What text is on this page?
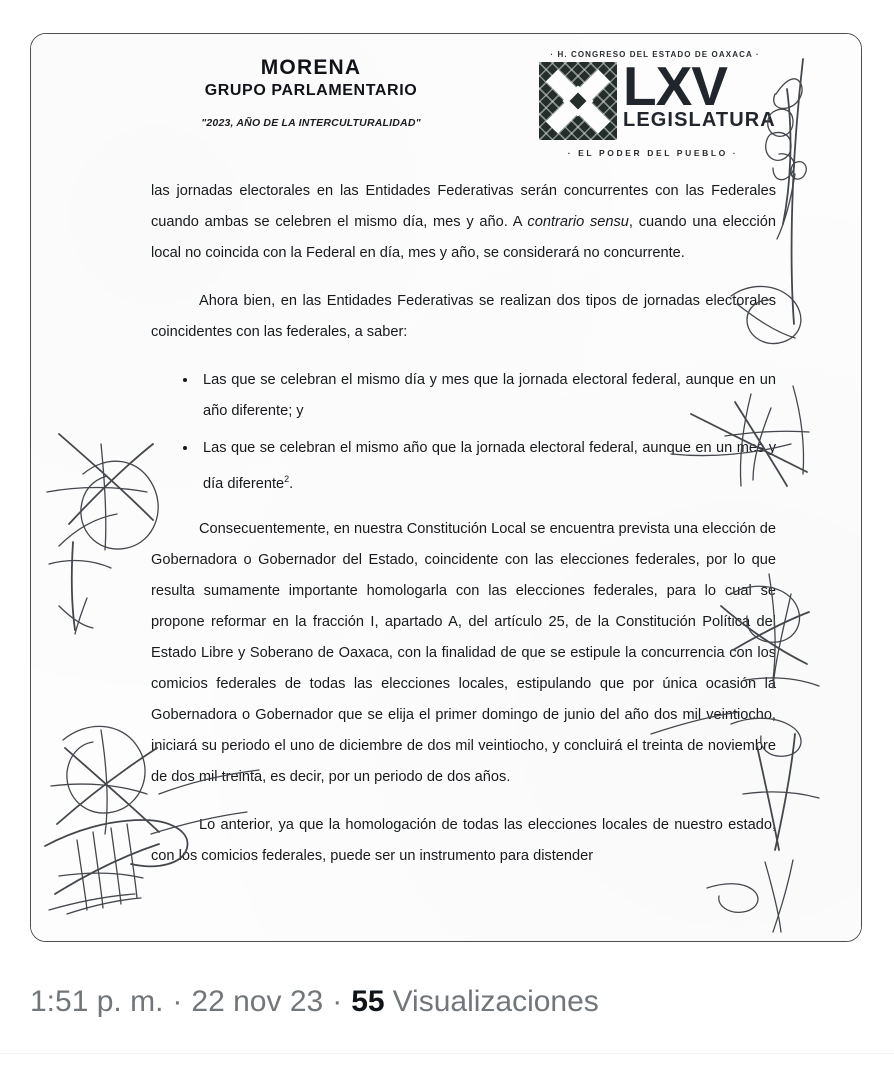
MORENA
GRUPO PARLAMENTARIO
"2023, AÑO DE LA INTERCULTURALIDAD"
· H. CONGRESO DEL ESTADO DE OAXACA ·
LXV
LEGISLATURA
· EL PODER DEL PUEBLO ·

las jornadas electorales en las Entidades Federativas serán concurrentes con las Federales cuando ambas se celebren el mismo día, mes y año. A contrario sensu, cuando una elección local no coincida con la Federal en día, mes y año, se considerará no concurrente.

Ahora bien, en las Entidades Federativas se realizan dos tipos de jornadas electorales coincidentes con las federales, a saber:

Las que se celebran el mismo día y mes que la jornada electoral federal, aunque en un año diferente; y
Las que se celebran el mismo año que la jornada electoral federal, aunque en un mes y día diferente$^2$.

Consecuentemente, en nuestra Constitución Local se encuentra prevista una elección de Gobernadora o Gobernador del Estado, coincidente con las elecciones federales, por lo que resulta sumamente importante homologarla con las elecciones federales, para lo cual se propone reformar en la fracción I, apartado A, del artículo 25, de la Constitución Política del Estado Libre y Soberano de Oaxaca, con la finalidad de que se estipule la concurrencia con los comicios federales de todas las elecciones locales, estipulando que por única ocasión la Gobernadora o Gobernador que se elija el primer domingo de junio del año dos mil veintiocho, iniciará su periodo el uno de diciembre de dos mil veintiocho, y concluirá el treinta de noviembre de dos mil treinta, es decir, por un periodo de dos años.

Lo anterior, ya que la homologación de todas las elecciones locales de nuestro estado, con los comicios federales, puede ser un instrumento para distender

1:51 p. m. · 22 nov 23 · 55 Visualizaciones
